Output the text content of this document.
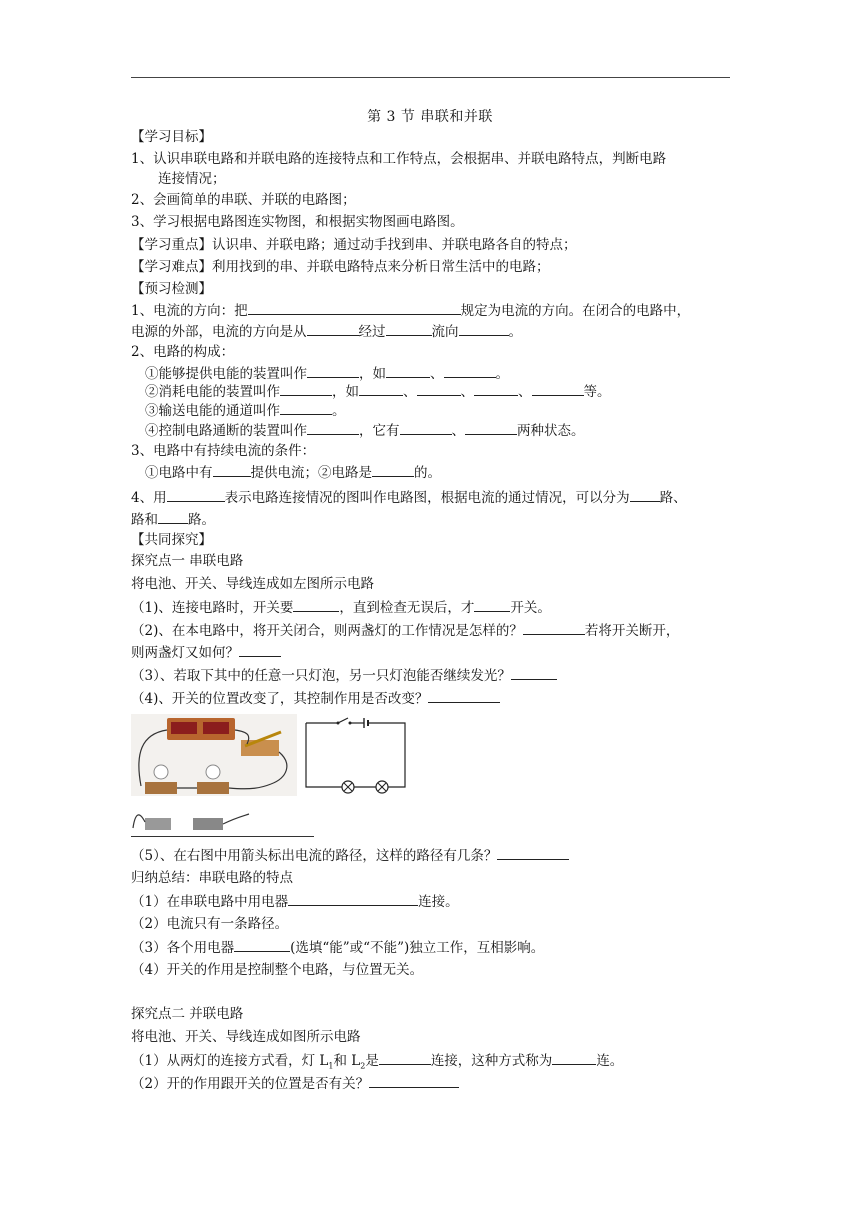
第 3 节 串联和并联
【学习目标】
1、认识串联电路和并联电路的连接特点和工作特点，会根据串、并联电路特点，判断电路
连接情况；
2、会画简单的串联、并联的电路图；
3、学习根据电路图连实物图，和根据实物图画电路图。
【学习重点】认识串、并联电路；通过动手找到串、并联电路各自的特点；
【学习难点】利用找到的串、并联电路特点来分析日常生活中的电路；
【预习检测】
1、电流的方向：把	规定为电流的方向。在闭合的电路中，
电源的外部，电流的方向是从	经过	流向	。
2、电路的构成：
①能够提供电能的装置叫作	，如	、	。
②消耗电能的装置叫作	，如	、	、	、	等。
③输送电能的通道叫作	。
④控制电路通断的装置叫作	，它有	、	两种状态。
3、电路中有持续电流的条件：
①电路中有	提供电流；②电路是	的。
4、用	表示电路连接情况的图叫作电路图，根据电流的通过情况，可以分为 路、
路和 路。
【共同探究】
探究点一 串联电路
将电池、开关、导线连成如左图所示电路
（1)、连接电路时，开关要	，直到检查无误后，才	开关。
（2)、在本电路中，将开关闭合，则两盏灯的工作情况是怎样的？	若将开关断开，
则两盏灯又如何？
（3）、若取下其中的任意一只灯泡，另一只灯泡能否继续发光？
（4)、开关的位置改变了，其控制作用是否改变？
（5）、在右图中用箭头标出电流的路径，这样的路径有几条？
归纳总结：串联电路的特点
（1）在串联电路中用电器	连接。
（2）电流只有一条路径。
（3）各个用电器	(选填“能”或“不能”)独立工作，互相影响。
（4）开关的作用是控制整个电路，与位置无关。
探究点二 并联电路
将电池、开关、导线连成如图所示电路
（1）从两灯的连接方式看，灯 $L_1$和 $L_2$是	连接，这种方式称为	连。
（2）开的作用跟开关的位置是否有关？
